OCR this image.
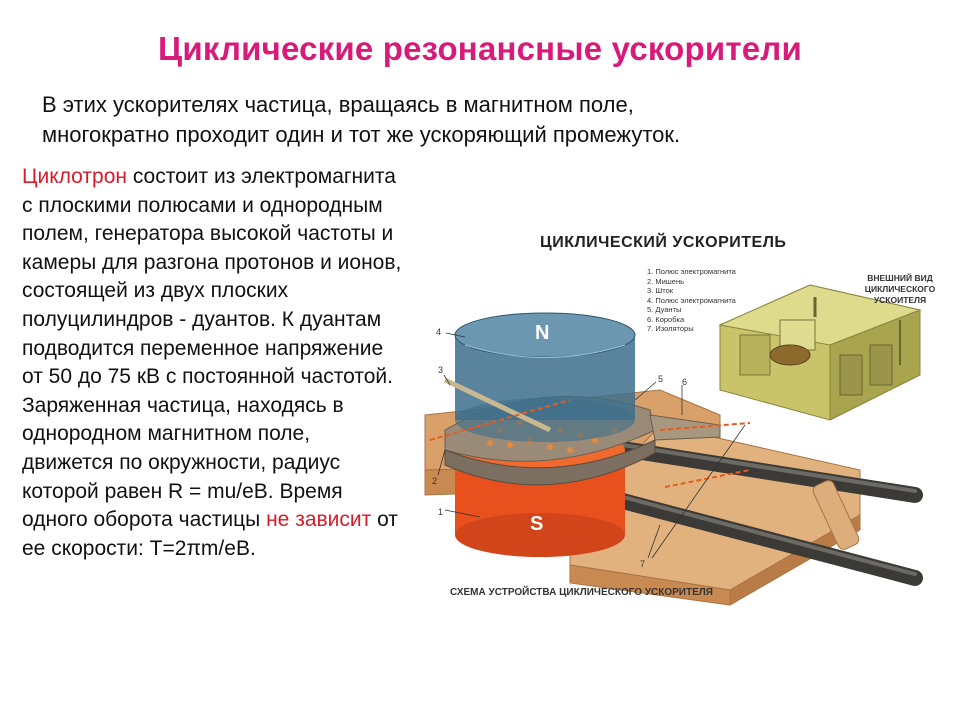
Циклические резонансные ускорители
В этих ускорителях частица, вращаясь в магнитном поле,
многократно проходит один и тот же ускоряющий промежуток.
Циклотрон состоит из электромагнита с плоскими полюсами и однородным полем, генератора высокой частоты и камеры для разгона протонов и ионов, состоящей из двух плоских полуцилиндров - дуантов. К дуантам подводится переменное напряжение от 50 до 75 кВ с постоянной частотой. Заряженная частица, находясь в однородном магнитном поле, движется по окружности, радиус которой равен R = mu/eB. Время одного оборота частицы не зависит от ее скорости: Т=2πm/eB.
S
N
4
3
5 6
2
1
7
ЦИКЛИЧЕСКИЙ УСКОРИТЕЛЬ
1. Полюс электромагнита
2. Мишень
3. Шток
4. Полюс электромагнита
5. Дуанты
6. Коробка
7. Изоляторы
ВНЕШНИЙ ВИД ЦИКЛИЧЕСКОГО УСКОИТЕЛЯ
СХЕМА УСТРОЙСТВА ЦИКЛИЧЕСКОГО УСКОРИТЕЛЯ
